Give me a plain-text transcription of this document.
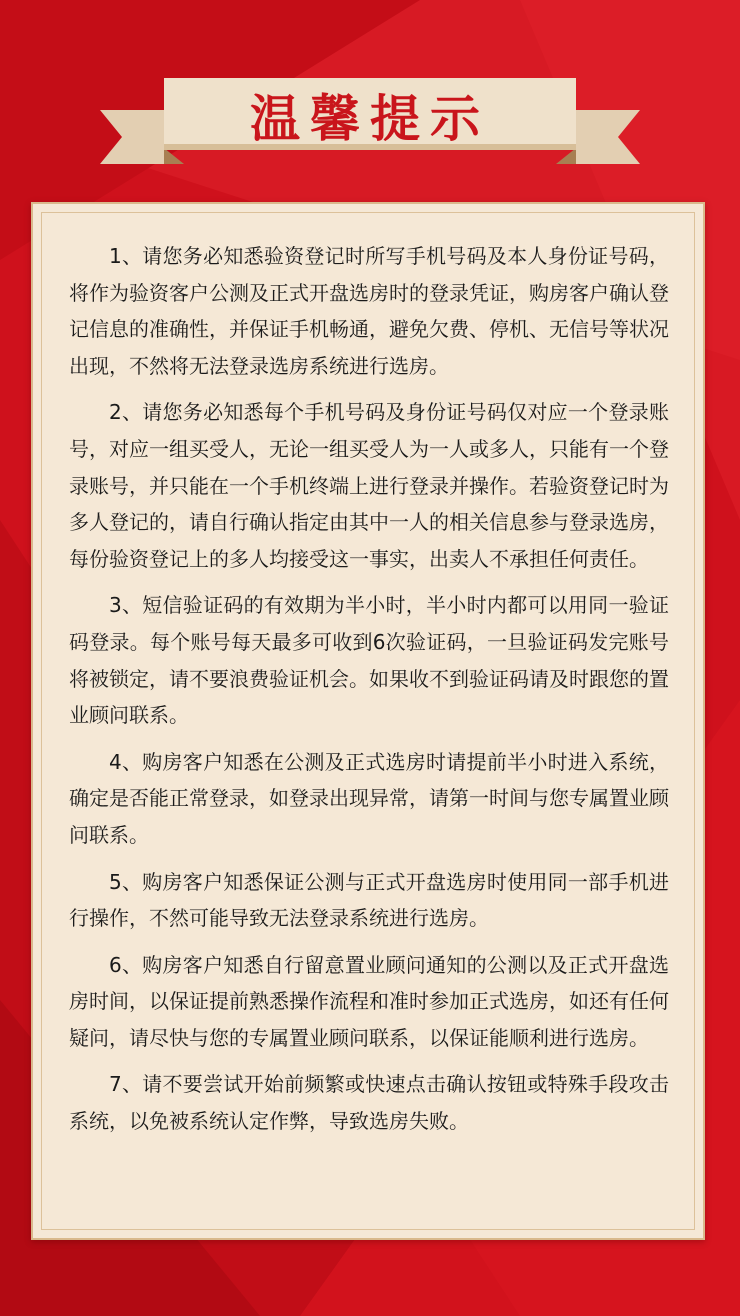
温馨提示

1、请您务必知悉验资登记时所写手机号码及本人身份证号码，将作为验资客户公测及正式开盘选房时的登录凭证，购房客户确认登记信息的准确性，并保证手机畅通，避免欠费、停机、无信号等状况出现，不然将无法登录选房系统进行选房。

2、请您务必知悉每个手机号码及身份证号码仅对应一个登录账号，对应一组买受人，无论一组买受人为一人或多人，只能有一个登录账号，并只能在一个手机终端上进行登录并操作。若验资登记时为多人登记的，请自行确认指定由其中一人的相关信息参与登录选房，每份验资登记上的多人均接受这一事实，出卖人不承担任何责任。

3、短信验证码的有效期为半小时，半小时内都可以用同一验证码登录。每个账号每天最多可收到6次验证码，一旦验证码发完账号将被锁定，请不要浪费验证机会。如果收不到验证码请及时跟您的置业顾问联系。

4、购房客户知悉在公测及正式选房时请提前半小时进入系统，确定是否能正常登录，如登录出现异常，请第一时间与您专属置业顾问联系。

5、购房客户知悉保证公测与正式开盘选房时使用同一部手机进行操作，不然可能导致无法登录系统进行选房。

6、购房客户知悉自行留意置业顾问通知的公测以及正式开盘选房时间，以保证提前熟悉操作流程和准时参加正式选房，如还有任何疑问，请尽快与您的专属置业顾问联系，以保证能顺利进行选房。

7、请不要尝试开始前频繁或快速点击确认按钮或特殊手段攻击系统，以免被系统认定作弊，导致选房失败。
